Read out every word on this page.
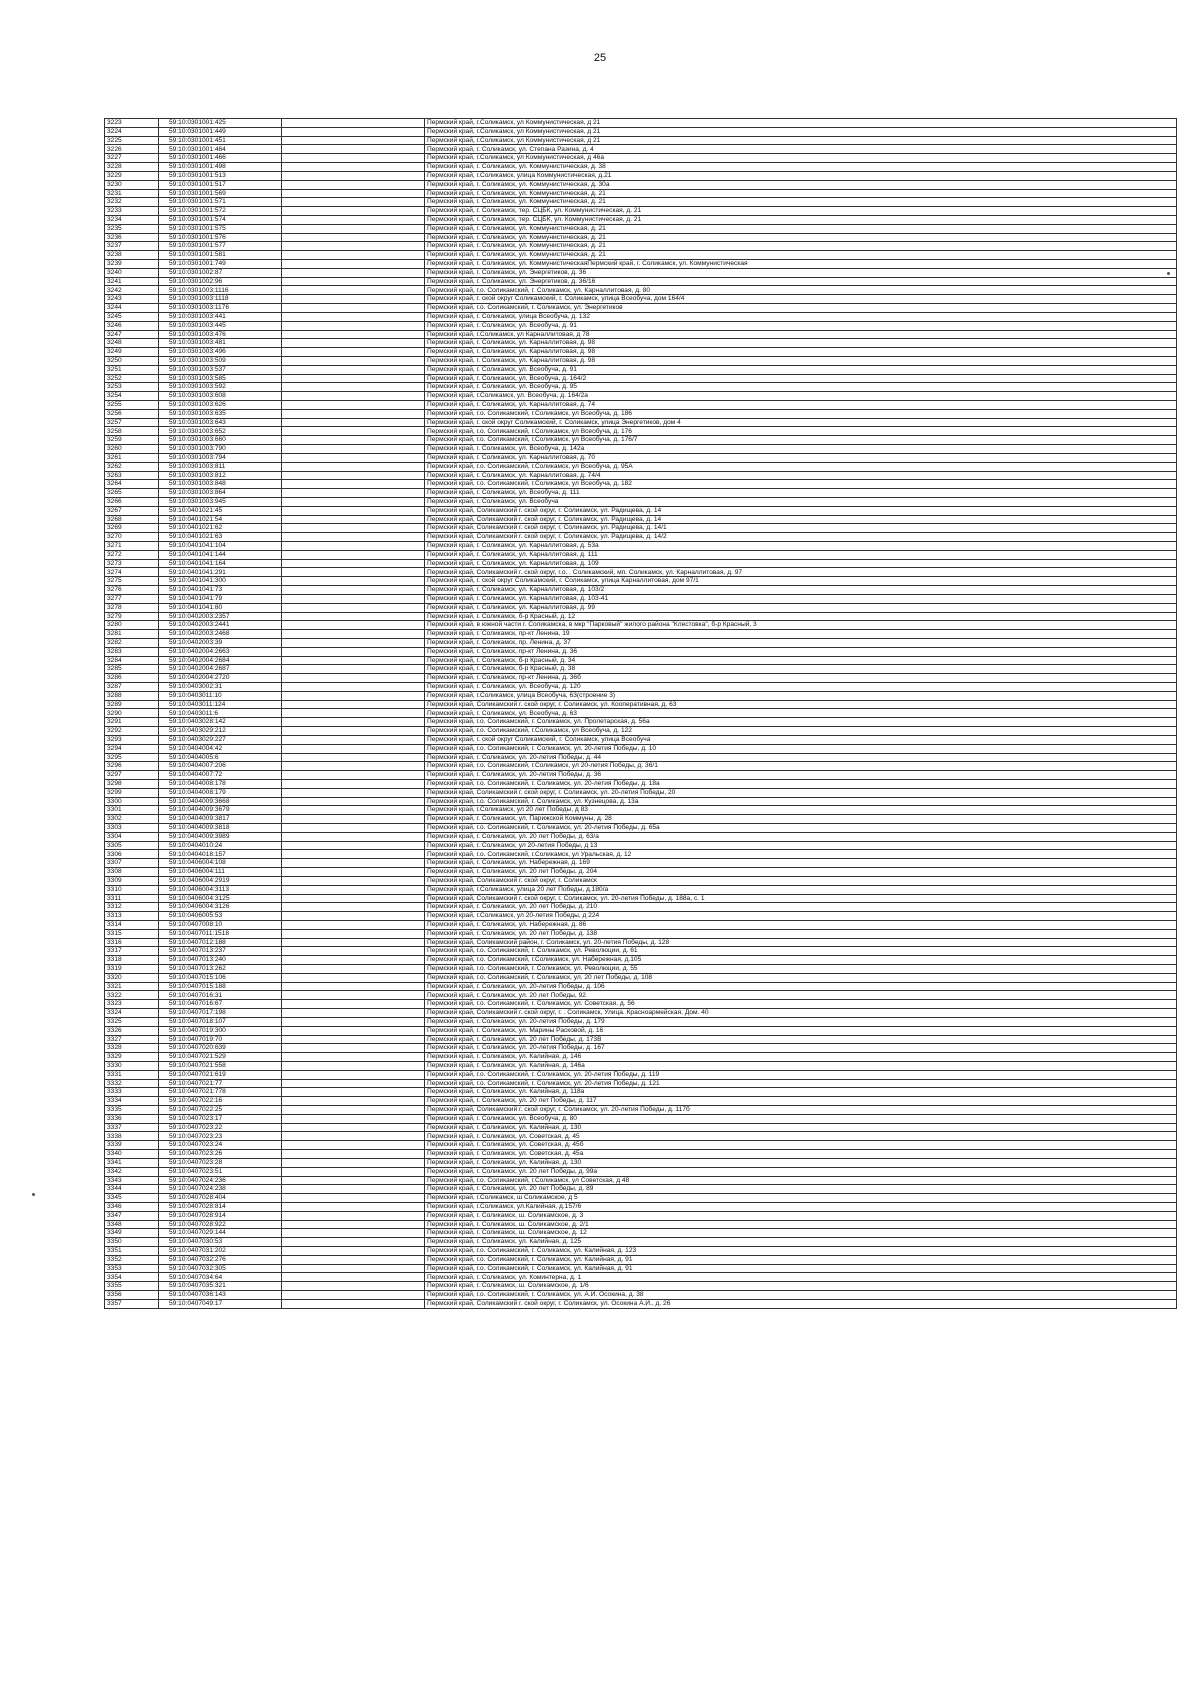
25
3223	59:10:0301001:425		Пермский край, г.Соликамск, ул Коммунистическая, д 21
3224	59:10:0301001:449		Пермский край, г.Соликамск, ул Коммунистическая, д 21
3225	59:10:0301001:451		Пермский край, г.Соликамск, ул Коммунистическая, д 21
3226	59:10:0301001:464		Пермский край, г. Соликамск, ул. Степана Разина, д. 4
3227	59:10:0301001:466		Пермский край, г.Соликамск, ул Коммунистическая, д 46а
3228	59:10:0301001:498		Пермский край, г. Соликамск, ул. Коммунистическая, д. 38
3229	59:10:0301001:513		Пермский край, г.Соликамск, улица Коммунистическая, д.21
3230	59:10:0301001:517		Пермский край, г. Соликамск, ул. Коммунистическая, д. 30а
3231	59:10:0301001:569		Пермский край, г. Соликамск, ул. Коммунистическая, д. 21
3232	59:10:0301001:571		Пермский край, г. Соликамск, ул. Коммунистическая, д. 21
3233	59:10:0301001:572		Пермский край, г. Соликамск, тер. СЦБК, ул. Коммунистическая, д. 21
3234	59:10:0301001:574		Пермский край, г. Соликамск, тер. СЦБК, ул. Коммунистическая, д. 21
3235	59:10:0301001:575		Пермский край, г. Соликамск, ул. Коммунистическая, д. 21
3236	59:10:0301001:576		Пермский край, г. Соликамск, ул. Коммунистическая, д. 21
3237	59:10:0301001:577		Пермский край, г. Соликамск, ул. Коммунистическая, д. 21
3238	59:10:0301001:581		Пермский край, г. Соликамск, ул. Коммунистическая, д. 21
3239	59:10:0301001:749		Пермский край, г. Соликамск, ул. КоммунистическаяПермский край, г. Соликамск, ул. Коммунистическая
3240	59:10:0301002:87		Пермский край, г. Соликамск, ул. Энергетиков, д. 36
3241	59:10:0301002:96		Пермский край, г. Соликамск, ул. Энергетиков, д. 36/16
3242	59:10:0301003:1116		Пермский край, г.о. Соликамский, г. Соликамск, ул. Карналлитовая, д. 80
3243	59:10:0301003:1118		Пермский край, г. ской округ Соликамский, г. Соликамск, улица Всеобуча, дом 164/4
3244	59:10:0301003:1176		Пермский край, г.о. Соликамский, г. Соликамск, ул. Энергетиков
3245	59:10:0301003:441		Пермский край, г. Соликамск, улица Всеобуча, д. 132
3246	59:10:0301003:445		Пермский край, г. Соликамск, ул. Всеобуча, д. 91
3247	59:10:0301003:476		Пермский край, г.Соликамск, ул Карналлитовая, д 78
3248	59:10:0301003:481		Пермский край, г. Соликамск, ул. Карналлитовая, д. 98
3249	59:10:0301003:496		Пермский край, г. Соликамск, ул. Карналлитовая, д. 98
3250	59:10:0301003:509		Пермский край, г. Соликамск, ул. Карналлитовая, д. 98
3251	59:10:0301003:537		Пермский край, г. Соликамск, ул. Всеобуча, д. 91
3252	59:10:0301003:585		Пермский край, г. Соликамск, ул. Всеобуча, д. 164/2
3253	59:10:0301003:592		Пермский край, г. Соликамск, ул. Всеобуча, д. 95
3254	59:10:0301003:608		Пермский край, г.Соликамск, ул. Всеобуча, д. 164/2а
3255	59:10:0301003:626		Пермский край, г. Соликамск, ул. Карналлитовая, д. 74
3256	59:10:0301003:635		Пермский край, г.о. Соликамский, г.Соликамск, ул Всеобуча, д. 186
3257	59:10:0301003:643		Пермский край, г. ской округ Соликамский, г. Соликамск, улица Энергетиков, дом 4
3258	59:10:0301003:652		Пермский край, г.о. Соликамский, г.Соликамск, ул Всеобуча, д. 176
3259	59:10:0301003:660		Пермский край, г.о. Соликамский, г.Соликамск, ул Всеобуча, д. 176/7
3260	59:10:0301003:790		Пермский край, г. Соликамск, ул. Всеобуча, д. 142а
3261	59:10:0301003:794		Пермский край, г. Соликамск, ул. Карналлитовая, д. 70
3262	59:10:0301003:811		Пермский край, г.о. Соликамский, г.Соликамск, ул Всеобуча, д. 95А
3263	59:10:0301003:812		Пермский край, г. Соликамск, ул. Карналлитовая, д. 74/4
3264	59:10:0301003:848		Пермский край, г.о. Соликамский, г.Соликамск, ул Всеобуча, д. 182
3265	59:10:0301003:864		Пермский край, г. Соликамск, ул. Всеобуча, д. 111
3266	59:10:0301003:945		Пермский край, г. Соликамск, ул. Всеобуча
3267	59:10:0401021:45		Пермский край, Соликамский г. ской округ, г. Соликамск, ул. Радищева, д. 14
3268	59:10:0401021:54		Пермский край, Соликамский г. ской округ, г. Соликамск, ул. Радищева, д. 14
3269	59:10:0401021:62		Пермский край, Соликамский г. ской округ, г. Соликамск, ул. Радищева, д. 14/1
3270	59:10:0401021:63		Пермский край, Соликамский г. ской округ, г. Соликамск, ул. Радищева, д. 14/2
3271	59:10:0401041:104		Пермский край, г. Соликамск, ул. Карналлитовая, д. 53а
3272	59:10:0401041:144		Пермский край, г. Соликамск, ул. Карналлитовая, д. 111
3273	59:10:0401041:164		Пермский край, г. Соликамск, ул. Карналлитовая, д. 109
3274	59:10:0401041:291		Пермский край, Соликамский г. ской округ, г.о. . Соликамский, мп. Соликамск, ул. Карналлитовая, д. 97
3275	59:10:0401041:300		Пермский край, г. ской округ Соликамский, г. Соликамск, улица Карналлитовая, дом 97/1
3276	59:10:0401041:73		Пермский край, г. Соликамск, ул. Карналлитовая, д. 103/2
3277	59:10:0401041:79		Пермский край, г. Соликамск, ул. Карналлитовая, д. 103-41
3278	59:10:0401041:80		Пермский край, г. Соликамск, ул. Карналлитовая, д. 99
3279	59:10:0402003:2357		Пермский край, г. Соликамск, б-р Красный, д. 12
3280	59:10:0402003:2441		Пермский край, в южной части г. Соликамска, в мкр "Парковый" жилого района "Клестовка", б-р Красный, 3
3281	59:10:0402003:2468		Пермский край, г. Соликамск, пр-кт Ленина, 19
3282	59:10:0402003:39		Пермский край, г. Соликамск, пр. Ленина, д. 37
3283	59:10:0402004:2663		Пермский край, г. Соликамск, пр-кт Ленина, д. 36
3284	59:10:0402004:2684		Пермский край, г. Соликамск, б-р Красный, д. 34
3285	59:10:0402004:2687		Пермский край, г. Соликамск, б-р Красный, д. 38
3286	59:10:0402004:2720		Пермский край, г. Соликамск, пр-кт Ленина, д. 36б
3287	59:10:0403002:31		Пермский край, г. Соликамск, ул. Всеобуча, д. 120
3288	59:10:0403011:10		Пермский край, г.Соликамск, улица Всеобуча, 63(строение 3)
3289	59:10:0403011:124		Пермский край, Соликамский г. ской округ, г. Соликамск, ул. Кооперативная, д. 63
3290	59:10:0403011:6		Пермский край, г. Соликамск, ул. Всеобуча, д. 63
3291	59:10:0403028:142		Пермский край, г.о. Соликамский, г. Соликамск, ул. Пролетарская, д. 56а
3292	59:10:0403029:212		Пермский край, г.о. Соликамский, г.Соликамск, ул Всеобуча, д. 122
3293	59:10:0403029:227		Пермский край, г. ской округ Соликамский, г. Соликамск, улица Всеобуча
3294	59:10:0404004:42		Пермский край, г.о. Соликамский, г. Соликамск, ул. 20-летия Победы, д. 10
3295	59:10:0404005:6		Пермский край, г. Соликамск, ул. 20-летия Победы, д. 44
3296	59:10:0404007:206		Пермский край, г.о. Соликамский, г.Соликамск, ул 20-летия Победы, д. 36/1
3297	59:10:0404007:72		Пермский край, г. Соликамск, ул. 20-летия Победы, д. 36
3298	59:10:0404008:178		Пермский край, г.о. Соликамский, г. Соликамск, ул. 20-летия Победы, д. 18а
3299	59:10:0404008:179		Пермский край, Соликамский г. ской округ, г. Соликамск, ул. 20-летия Победы, 20
3300	59:10:0404009:3668		Пермский край, г.о. Соликамский, г. Соликамск, ул. Кузнецова, д. 13а
3301	59:10:0404009:3679		Пермский край, г.Соликамск, ул 20 лет Победы, д 83
3302	59:10:0404009:3817		Пермский край, г. Соликамск, ул. Парижской Коммуны, д. 28
3303	59:10:0404009:3818		Пермский край, г.о. Соликамский, г. Соликамск, ул. 20-летия Победы, д. 65а
3304	59:10:0404009:3989		Пермский край, г. Соликамск, ул. 20 лет Победы, д. 63/а
3305	59:10:0404010:24		Пермский край, г. Соликамск, ул 20-летия Победы, д 13
3306	59:10:0404018:157		Пермский край, г.о. Соликамский, г.Соликамск, ул Уральская, д. 12
3307	59:10:0406004:108		Пермский край, г. Соликамск, ул. Набережная, д. 169
3308	59:10:0406004:111		Пермский край, г. Соликамск, ул. 20 лет Победы, д. 204
3309	59:10:0406004:2919		Пермский край, Соликамский г. ской округ, г. Соликамск
3310	59:10:0406004:3113		Пермский край, г.Соликамск, улица 20 лет Победы, д.180/а
3311	59:10:0406004:3125		Пермский край, Соликамский г. ской округ, г. Соликамск, ул. 20-летия Победы, д. 188а, с. 1
3312	59:10:0406004:3126		Пермский край, г. Соликамск, ул. 20 лет Победы, д. 210
3313	59:10:0406005:53		Пермский край, г.Соликамск, ул 20-летия Победы, д 224
3314	59:10:0407008:10		Пермский край, г. Соликамск, ул. Набережная, д. 86
3315	59:10:0407011:1518		Пермский край, г. Соликамск, ул. 20 лет Победы, д. 138
3316	59:10:0407012:188		Пермский край, Соликамский район, г. Соликамск, ул. 20-летия Победы, д. 128
3317	59:10:0407013:237		Пермский край, г.о. Соликамский, г. Соликамск, ул. Революции, д. 61
3318	59:10:0407013:240		Пермский край, г.о. Соликамский, г.Соликамск, ул. Набережная, д.105
3319	59:10:0407013:262		Пермский край, г.о. Соликамский, г. Соликамск, ул. Революции, д. 55
3320	59:10:0407015:106		Пермский край, г.о. Соликамский, г. Соликамск, ул. 20 лет Победы, д. 108
3321	59:10:0407015:188		Пермский край, г. Соликамск, ул. 20-летия Победы, д. 106
3322	59:10:0407016:31		Пермский край, г. Соликамск, ул. 20 лет Победы, 92
3323	59:10:0407016:67		Пермский край, г.о. Соликамский, г. Соликамск, ул. Советская, д. 56
3324	59:10:0407017:198		Пермский край, Соликамский г. ской округ, г. . Соликамск, Улица. Красноармейская, Дом. 40
3325	59:10:0407018:107		Пермский край, г. Соликамск, ул. 20-летия Победы, д. 179
3326	59:10:0407019:300		Пермский край, г. Соликамск, ул. Марины Расковой, д. 16
3327	59:10:0407019:70		Пермский край, г. Соликамск, ул. 20 лет Победы, д. 173В
3328	59:10:0407020:639		Пермский край, г. Соликамск, ул. 20-летия Победы, д. 167
3329	59:10:0407021:529		Пермский край, г. Соликамск, ул. Калийная, д. 146
3330	59:10:0407021:558		Пермский край, г. Соликамск, ул. Калийная, д. 146а
3331	59:10:0407021:619		Пермский край, г.о. Соликамский, г. Соликамск, ул. 20-летия Победы, д. 119
3332	59:10:0407021:77		Пермский край, г.о. Соликамский, г. Соликамск, ул. 20-летия Победы, д. 121
3333	59:10:0407021:778		Пермский край, г. Соликамск, ул. Калийная, д. 118а
3334	59:10:0407022:16		Пермский край, г. Соликамск, ул. 20 лет Победы, д. 117
3335	59:10:0407022:25		Пермский край, Соликамский г. ской округ, г. Соликамск, ул. 20-летия Победы, д. 117б
3336	59:10:0407023:17		Пермский край, г. Соликамск, ул. Всеобуча, д. 80
3337	59:10:0407023:22		Пермский край, г. Соликамск, ул. Калийная, д. 130
3338	59:10:0407023:23		Пермский край, г. Соликамск, ул. Советская, д. 45
3339	59:10:0407023:24		Пермский край, г. Соликамск, ул. Советская, д. 45б
3340	59:10:0407023:26		Пермский край, г. Соликамск, ул. Советская, д. 45а
3341	59:10:0407023:28		Пермский край, г. Соликамск, ул. Калийная, д. 130
3342	59:10:0407023:51		Пермский край, г. Соликамск, ул. 20 лет Победы, д. 99а
3343	59:10:0407024:236		Пермский край, г.о. Соликамский, г.Соликамск, ул Советская, д 48
3344	59:10:0407024:238		Пермский край, г. Соликамск, ул. 20 лет Победы, д. 89
3345	59:10:0407028:404		Пермский край, г.Соликамск, ш Соликамское, д 5
3346	59:10:0407028:814		Пермский край, г.Соликамск, ул.Калийная, д.157/6
3347	59:10:0407028:914		Пермский край, г. Соликамск, ш. Соликамское, д. 3
3348	59:10:0407028:922		Пермский край, г. Соликамск, ш. Соликамское, д. 2/1
3349	59:10:0407029:144		Пермский край, г. Соликамск, ш. Соликамское, д. 12
3350	59:10:0407030:53		Пермский край, г. Соликамск, ул. Калийная, д. 125
3351	59:10:0407031:202		Пермский край, г.о. Соликамский, г. Соликамск, ул. Калийная, д. 123
3352	59:10:0407032:276		Пермский край, г.о. Соликамский, г. Соликамск, ул. Калийная, д. 91
3353	59:10:0407032:305		Пермский край, г.о. Соликамский, г. Соликамск, ул. Калийная, д. 91
3354	59:10:0407034:64		Пермский край, г. Соликамск, ул. Коминтерна, д. 1
3355	59:10:0407035:321		Пермский край, г. Соликамск, ш. Соликамское, д. 1/6
3356	59:10:0407036:143		Пермский край, г.о. Соликамский, г. Соликамск, ул. А.И. Осокина, д. 38
3357	59:10:0407049:17		Пермский край, Соликамский г. ской округ, г. Соликамск, ул. Осокина А.И., д. 26
